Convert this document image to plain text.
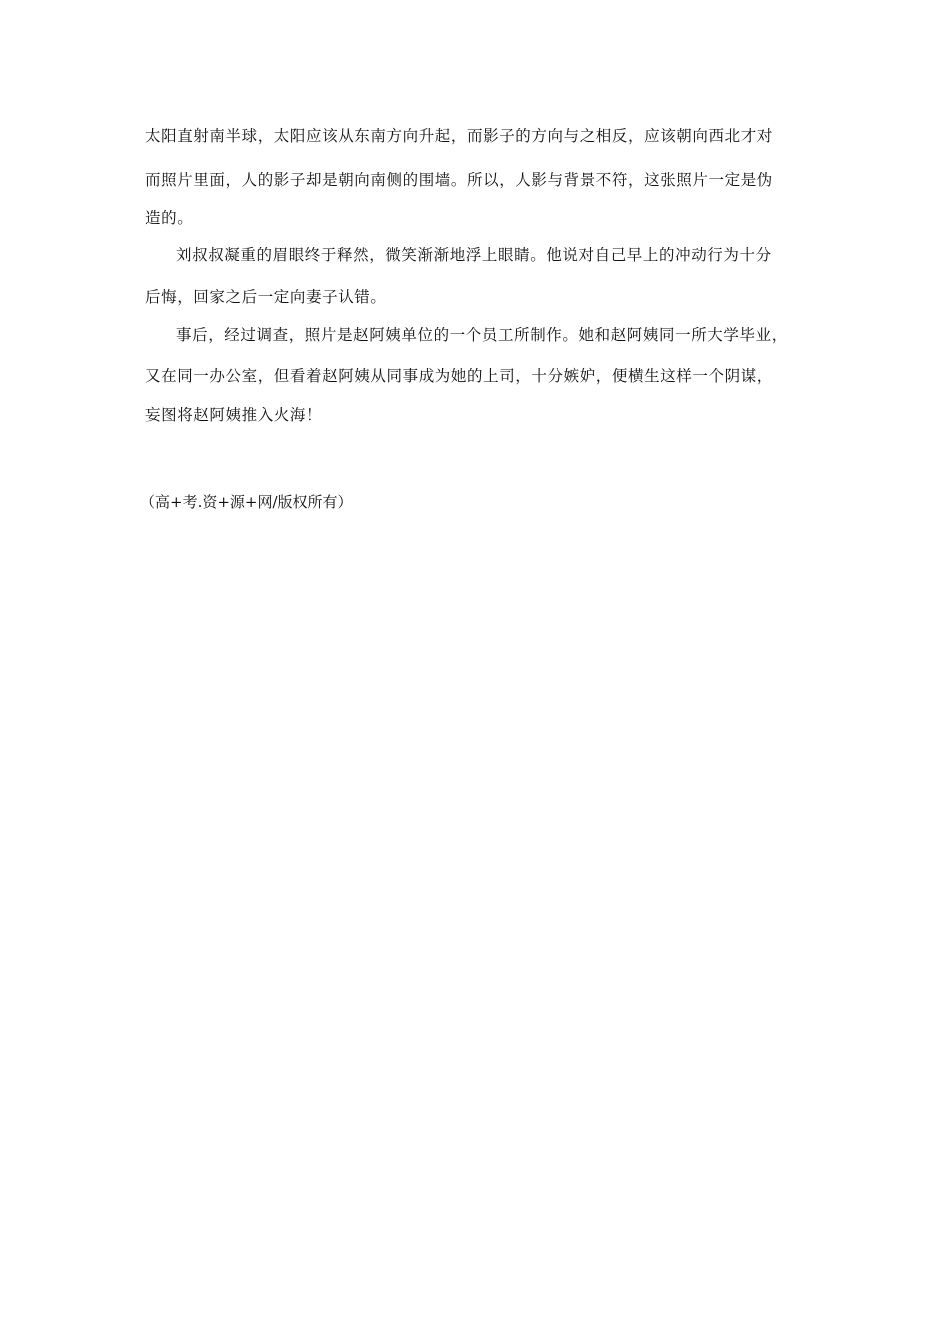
太阳直射南半球，太阳应该从东南方向升起，而影子的方向与之相反，应该朝向西北才对
而照片里面，人的影子却是朝向南侧的围墙。所以，人影与背景不符，这张照片一定是伪
造的。
刘叔叔凝重的眉眼终于释然，微笑渐渐地浮上眼睛。他说对自己早上的冲动行为十分
后悔，回家之后一定向妻子认错。
事后，经过调查，照片是赵阿姨单位的一个员工所制作。她和赵阿姨同一所大学毕业，
又在同一办公室，但看着赵阿姨从同事成为她的上司，十分嫉妒，便横生这样一个阴谋，
妄图将赵阿姨推入火海！
（高+考.资+源+网/版权所有）
